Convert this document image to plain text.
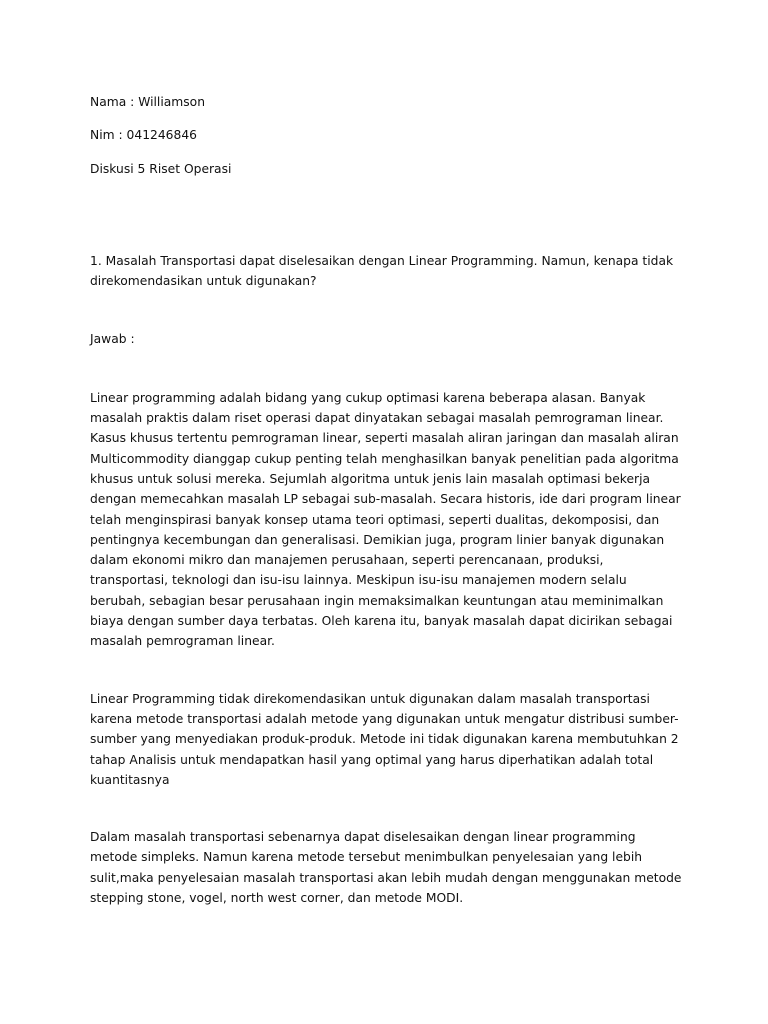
Nama : Williamson

Nim : 041246846

Diskusi 5 Riset Operasi

1. Masalah Transportasi dapat diselesaikan dengan Linear Programming. Namun, kenapa tidak direkomendasikan untuk digunakan?

Jawab :

Linear programming adalah bidang yang cukup optimasi karena beberapa alasan. Banyak masalah praktis dalam riset operasi dapat dinyatakan sebagai masalah pemrograman linear. Kasus khusus tertentu pemrograman linear, seperti masalah aliran jaringan dan masalah aliran Multicommodity dianggap cukup penting telah menghasilkan banyak penelitian pada algoritma khusus untuk solusi mereka. Sejumlah algoritma untuk jenis lain masalah optimasi bekerja dengan memecahkan masalah LP sebagai sub-masalah. Secara historis, ide dari program linear telah menginspirasi banyak konsep utama teori optimasi, seperti dualitas, dekomposisi, dan pentingnya kecembungan dan generalisasi. Demikian juga, program linier banyak digunakan dalam ekonomi mikro dan manajemen perusahaan, seperti perencanaan, produksi, transportasi, teknologi dan isu-isu lainnya. Meskipun isu-isu manajemen modern selalu berubah, sebagian besar perusahaan ingin memaksimalkan keuntungan atau meminimalkan biaya dengan sumber daya terbatas. Oleh karena itu, banyak masalah dapat dicirikan sebagai masalah pemrograman linear.

Linear Programming tidak direkomendasikan untuk digunakan dalam masalah transportasi karena metode transportasi adalah metode yang digunakan untuk mengatur distribusi sumber-sumber yang menyediakan produk-produk. Metode ini tidak digunakan karena membutuhkan 2 tahap Analisis untuk mendapatkan hasil yang optimal yang harus diperhatikan adalah total kuantitasnya

Dalam masalah transportasi sebenarnya dapat diselesaikan dengan linear programming metode simpleks. Namun karena metode tersebut menimbulkan penyelesaian yang lebih sulit,maka penyelesaian masalah transportasi akan lebih mudah dengan menggunakan metode stepping stone, vogel, north west corner, dan metode MODI.
